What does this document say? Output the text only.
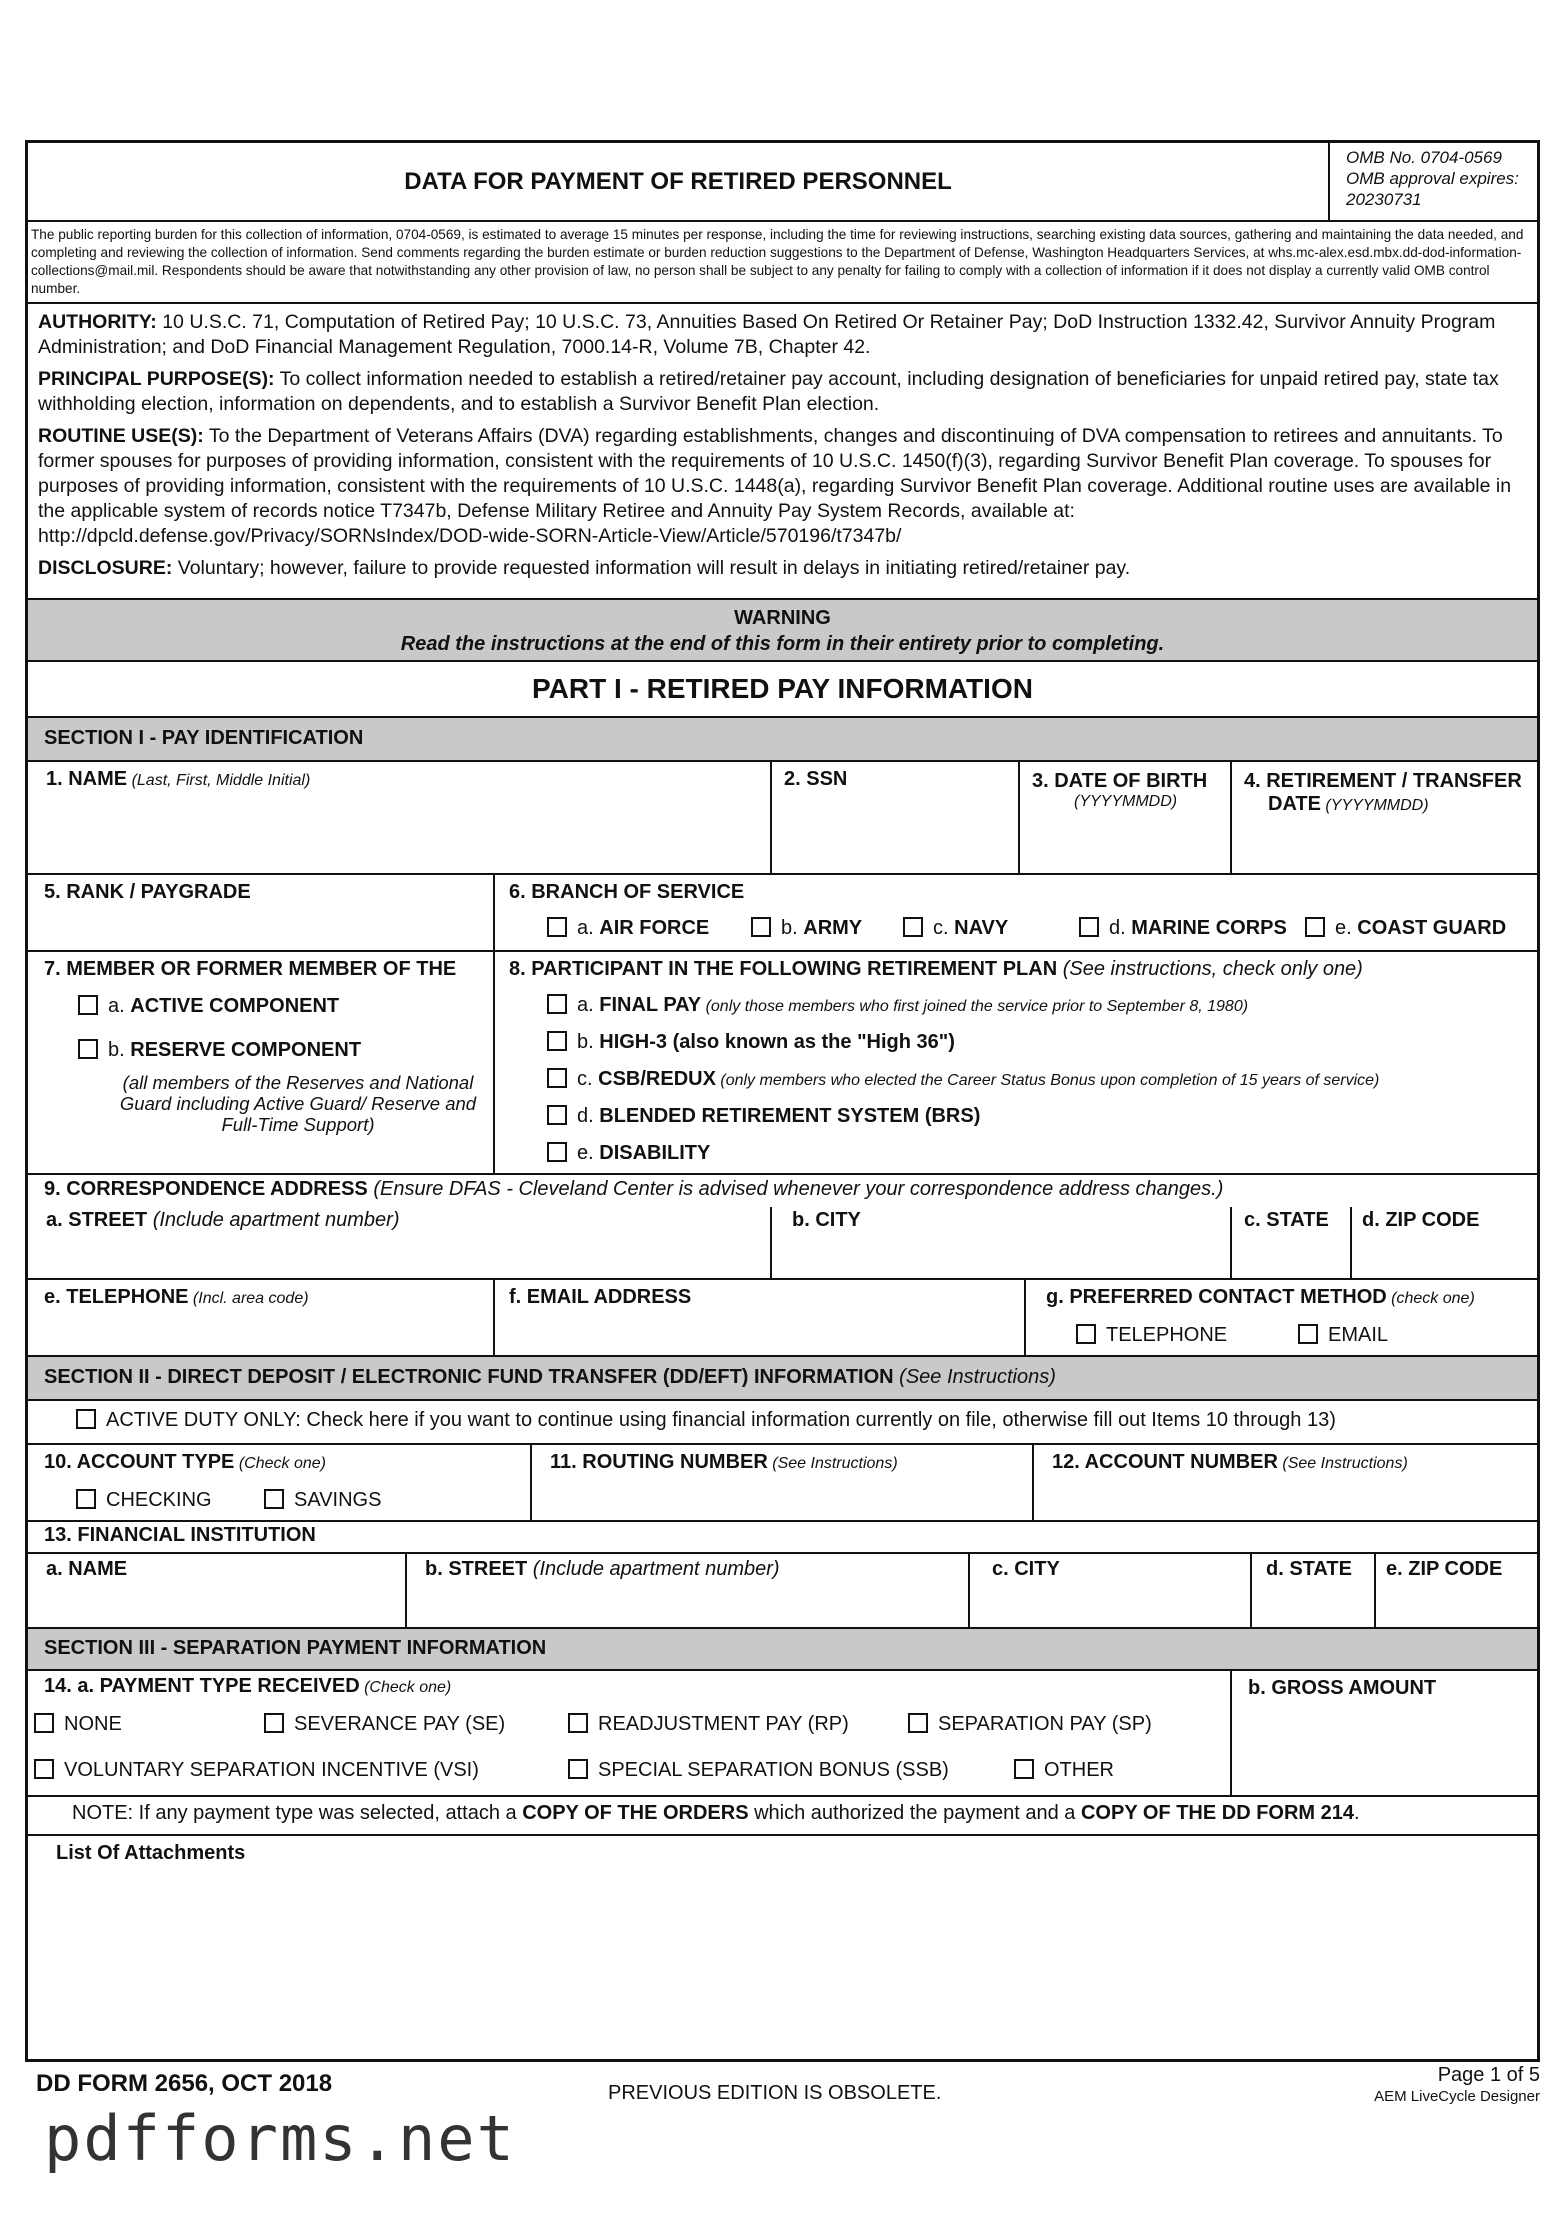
DATA FOR PAYMENT OF RETIRED PERSONNEL
OMB No. 0704-0569
OMB approval expires:
20230731
The public reporting burden for this collection of information, 0704-0569, is estimated to average 15 minutes per response, including the time for reviewing instructions, searching existing data sources, gathering and maintaining the data needed, and completing and reviewing the collection of information. Send comments regarding the burden estimate or burden reduction suggestions to the Department of Defense, Washington Headquarters Services, at whs.mc-alex.esd.mbx.dd-dod-information-collections@mail.mil. Respondents should be aware that notwithstanding any other provision of law, no person shall be subject to any penalty for failing to comply with a collection of information if it does not display a currently valid OMB control number.

AUTHORITY: 10 U.S.C. 71, Computation of Retired Pay; 10 U.S.C. 73, Annuities Based On Retired Or Retainer Pay; DoD Instruction 1332.42, Survivor Annuity Program Administration; and DoD Financial Management Regulation, 7000.14-R, Volume 7B, Chapter 42.

PRINCIPAL PURPOSE(S): To collect information needed to establish a retired/retainer pay account, including designation of beneficiaries for unpaid retired pay, state tax withholding election, information on dependents, and to establish a Survivor Benefit Plan election.

ROUTINE USE(S): To the Department of Veterans Affairs (DVA) regarding establishments, changes and discontinuing of DVA compensation to retirees and annuitants. To former spouses for purposes of providing information, consistent with the requirements of 10 U.S.C. 1450(f)(3), regarding Survivor Benefit Plan coverage. To spouses for purposes of providing information, consistent with the requirements of 10 U.S.C. 1448(a), regarding Survivor Benefit Plan coverage. Additional routine uses are available in the applicable system of records notice T7347b, Defense Military Retiree and Annuity Pay System Records, available at: http://dpcld.defense.gov/Privacy/SORNsIndex/DOD-wide-SORN-Article-View/Article/570196/t7347b/

DISCLOSURE: Voluntary; however, failure to provide requested information will result in delays in initiating retired/retainer pay.

WARNING
Read the instructions at the end of this form in their entirety prior to completing.
PART I - RETIRED PAY INFORMATION
SECTION I - PAY IDENTIFICATION
1. NAME (Last, First, Middle Initial)	2. SSN	3. DATE OF BIRTH
(YYYYMMDD)
4. RETIREMENT / TRANSFER
DATE (YYYYMMDD)
5. RANK / PAYGRADE	6. BRANCH OF SERVICE
a. AIR FORCE	b. ARMY	c. NAVY	d. MARINE CORPS	e. COAST GUARD
7. MEMBER OR FORMER MEMBER OF THE
a. ACTIVE COMPONENT
b. RESERVE COMPONENT
(all members of the Reserves and National Guard including Active Guard/ Reserve and Full-Time Support)
8. PARTICIPANT IN THE FOLLOWING RETIREMENT PLAN (See instructions, check only one)
a. FINAL PAY (only those members who first joined the service prior to September 8, 1980)
b. HIGH-3 (also known as the "High 36")
c. CSB/REDUX (only members who elected the Career Status Bonus upon completion of 15 years of service)
d. BLENDED RETIREMENT SYSTEM (BRS)
e. DISABILITY
9. CORRESPONDENCE ADDRESS (Ensure DFAS - Cleveland Center is advised whenever your correspondence address changes.)
a. STREET (Include apartment number)	b. CITY	c. STATE	d. ZIP CODE
e. TELEPHONE (Incl. area code)	f. EMAIL ADDRESS	g. PREFERRED CONTACT METHOD (check one)
TELEPHONE	EMAIL
SECTION II - DIRECT DEPOSIT / ELECTRONIC FUND TRANSFER (DD/EFT) INFORMATION (See Instructions)
ACTIVE DUTY ONLY: Check here if you want to continue using financial information currently on file, otherwise fill out Items 10 through 13)
10. ACCOUNT TYPE (Check one)
CHECKING	SAVINGS
11. ROUTING NUMBER (See Instructions)	12. ACCOUNT NUMBER (See Instructions)
13. FINANCIAL INSTITUTION
a. NAME	b. STREET (Include apartment number)	c. CITY	d. STATE	e. ZIP CODE
SECTION III - SEPARATION PAYMENT INFORMATION
14. a. PAYMENT TYPE RECEIVED (Check one)
NONE	SEVERANCE PAY (SE)	READJUSTMENT PAY (RP)	SEPARATION PAY (SP)
VOLUNTARY SEPARATION INCENTIVE (VSI)	SPECIAL SEPARATION BONUS (SSB)	OTHER
b. GROSS AMOUNT
NOTE: If any payment type was selected, attach a COPY OF THE ORDERS which authorized the payment and a COPY OF THE DD FORM 214.
List Of Attachments
DD FORM 2656, OCT 2018	PREVIOUS EDITION IS OBSOLETE.
Page 1 of 5
AEM LiveCycle Designer
pdfforms.net
